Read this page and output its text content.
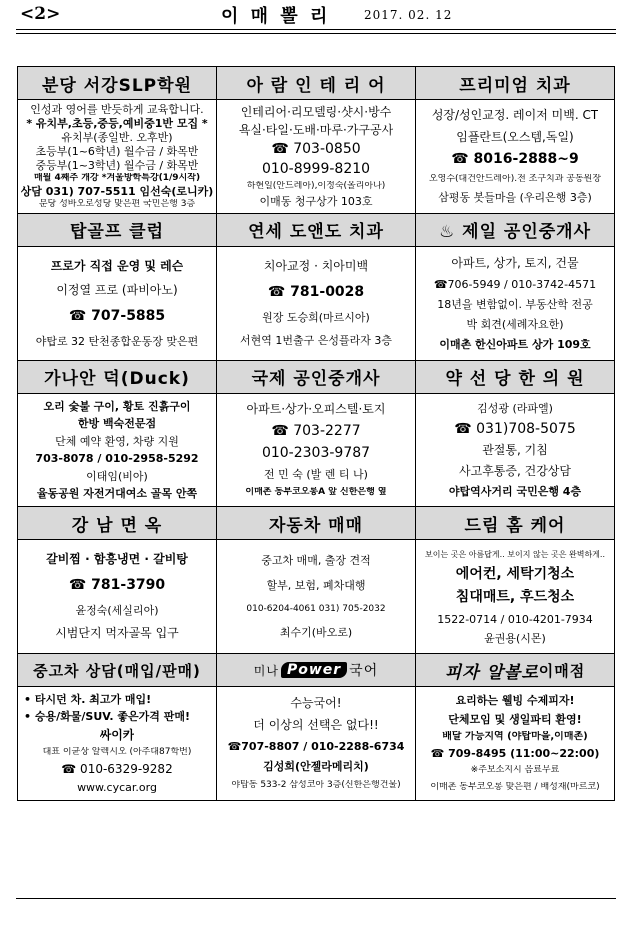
<2>	이 매 뽈 리	2017. 02. 12
분당 서강SLP학원
인성과 영어를 반듯하게 교육합니다.
* 유치부,초등,중등,예비중1반 모집 *
유치부(종일반. 오후반)
초등부(1~6학년) 월수금 / 화목반
중등부(1~3학년) 월수금 / 화목반
매월 4째주 개강 *겨울방학특강(1/9시작)
상담 031) 707-5511 임선숙(로니카)
분당 성바오로성당 맞은편 국민은행 3층
아 람 인 테 리 어
인테리어·리모델링·샷시·방수
욕실·타일·도배·마루·가구공사
☎ 703-0850
010-8999-8210
하현일(안드레아),이정숙(올리아나)
이매동 청구상가 103호
프리미엄 치과
성장/성인교정. 레이저 미백. CT
임플란트(오스템,독일)
☎ 8016-2888~9
오영수(대건안드레아).전 조구치과 공동원장
삼평동 봇들마을 (우리은행 3층)
탑골프 클럽
프로가 직접 운영 및 레슨
이정열 프로 (파비아노)
☎ 707-5885
야탑로 32 탄천종합운동장 맞은편
연세 도앤도 치과
치아교정 · 치아미백
☎ 781-0028
원장 도승희(마르시아)
서현역 1번출구 은성플라자 3층
♨ 제일 공인중개사
아파트, 상가, 토지, 건물
☎706-5949 / 010-3742-4571
18년을 변함없이. 부동산학 전공
박 회견(세례자요한)
이매촌 한신아파트 상가 109호
가나안 덕(Duck)
오리 숯불 구이, 황토 진흙구이
한방 백숙전문점
단체 예약 환영, 차량 지원
703-8078 / 010-2958-5292
이태임(비아)
율동공원 자전거대여소 골목 안쪽
국제 공인중개사
아파트·상가·오피스텔·토지
☎ 703-2277
010-2303-9787
전 민 숙 (발 렌 티 나)
이매촌 동부코오롱A 앞 신한은행 옆
약 선 당 한 의 원
김성광 (라파엘)
☎ 031)708-5075
관절통, 기침
사고후통증, 건강상담
야탑역사거리 국민은행 4층
강 남 면 옥
갈비찜 · 함흥냉면 · 갈비탕
☎ 781-3790
윤정숙(세실리아)
시범단지 먹자골목 입구
자동차 매매
중고차 매매, 출장 견적
할부, 보험, 폐차대행
010-6204-4061 031) 705-2032
최수기(바오로)
드림 홈 케어
보이는 곳은 아름답게.. 보이지 않는 곳은 완벽하게..
에어컨, 세탁기청소
침대매트, 후드청소
1522-0714 / 010-4201-7934
윤권용(시몬)
중고차 상담(매입/판매)
• 타시던 차. 최고가 매입!
• 승용/화물/SUV. 좋은가격 판매!
싸이카
대표 이균상 알렉시오 (아주대87학번)
☎ 010-6329-9282
www.cycar.org
미나 Power 국어
수능국어!
더 이상의 선택은 없다!!
☎707-8807 / 010-2288-6734
김성희(안젤라메리치)
야탑동 533-2 삼성코아 3층(신한은행건물)
피자 알볼로 이매점
요리하는 웰빙 수제피자!
단체모임 및 생일파티 환영!
배달 가능지역 (야탑마을,이매촌)
☎ 709-8495 (11:00~22:00)
※주보소지시 음료무료
이매촌 동부코오롱 맞은편 / 배성재(마르코)
